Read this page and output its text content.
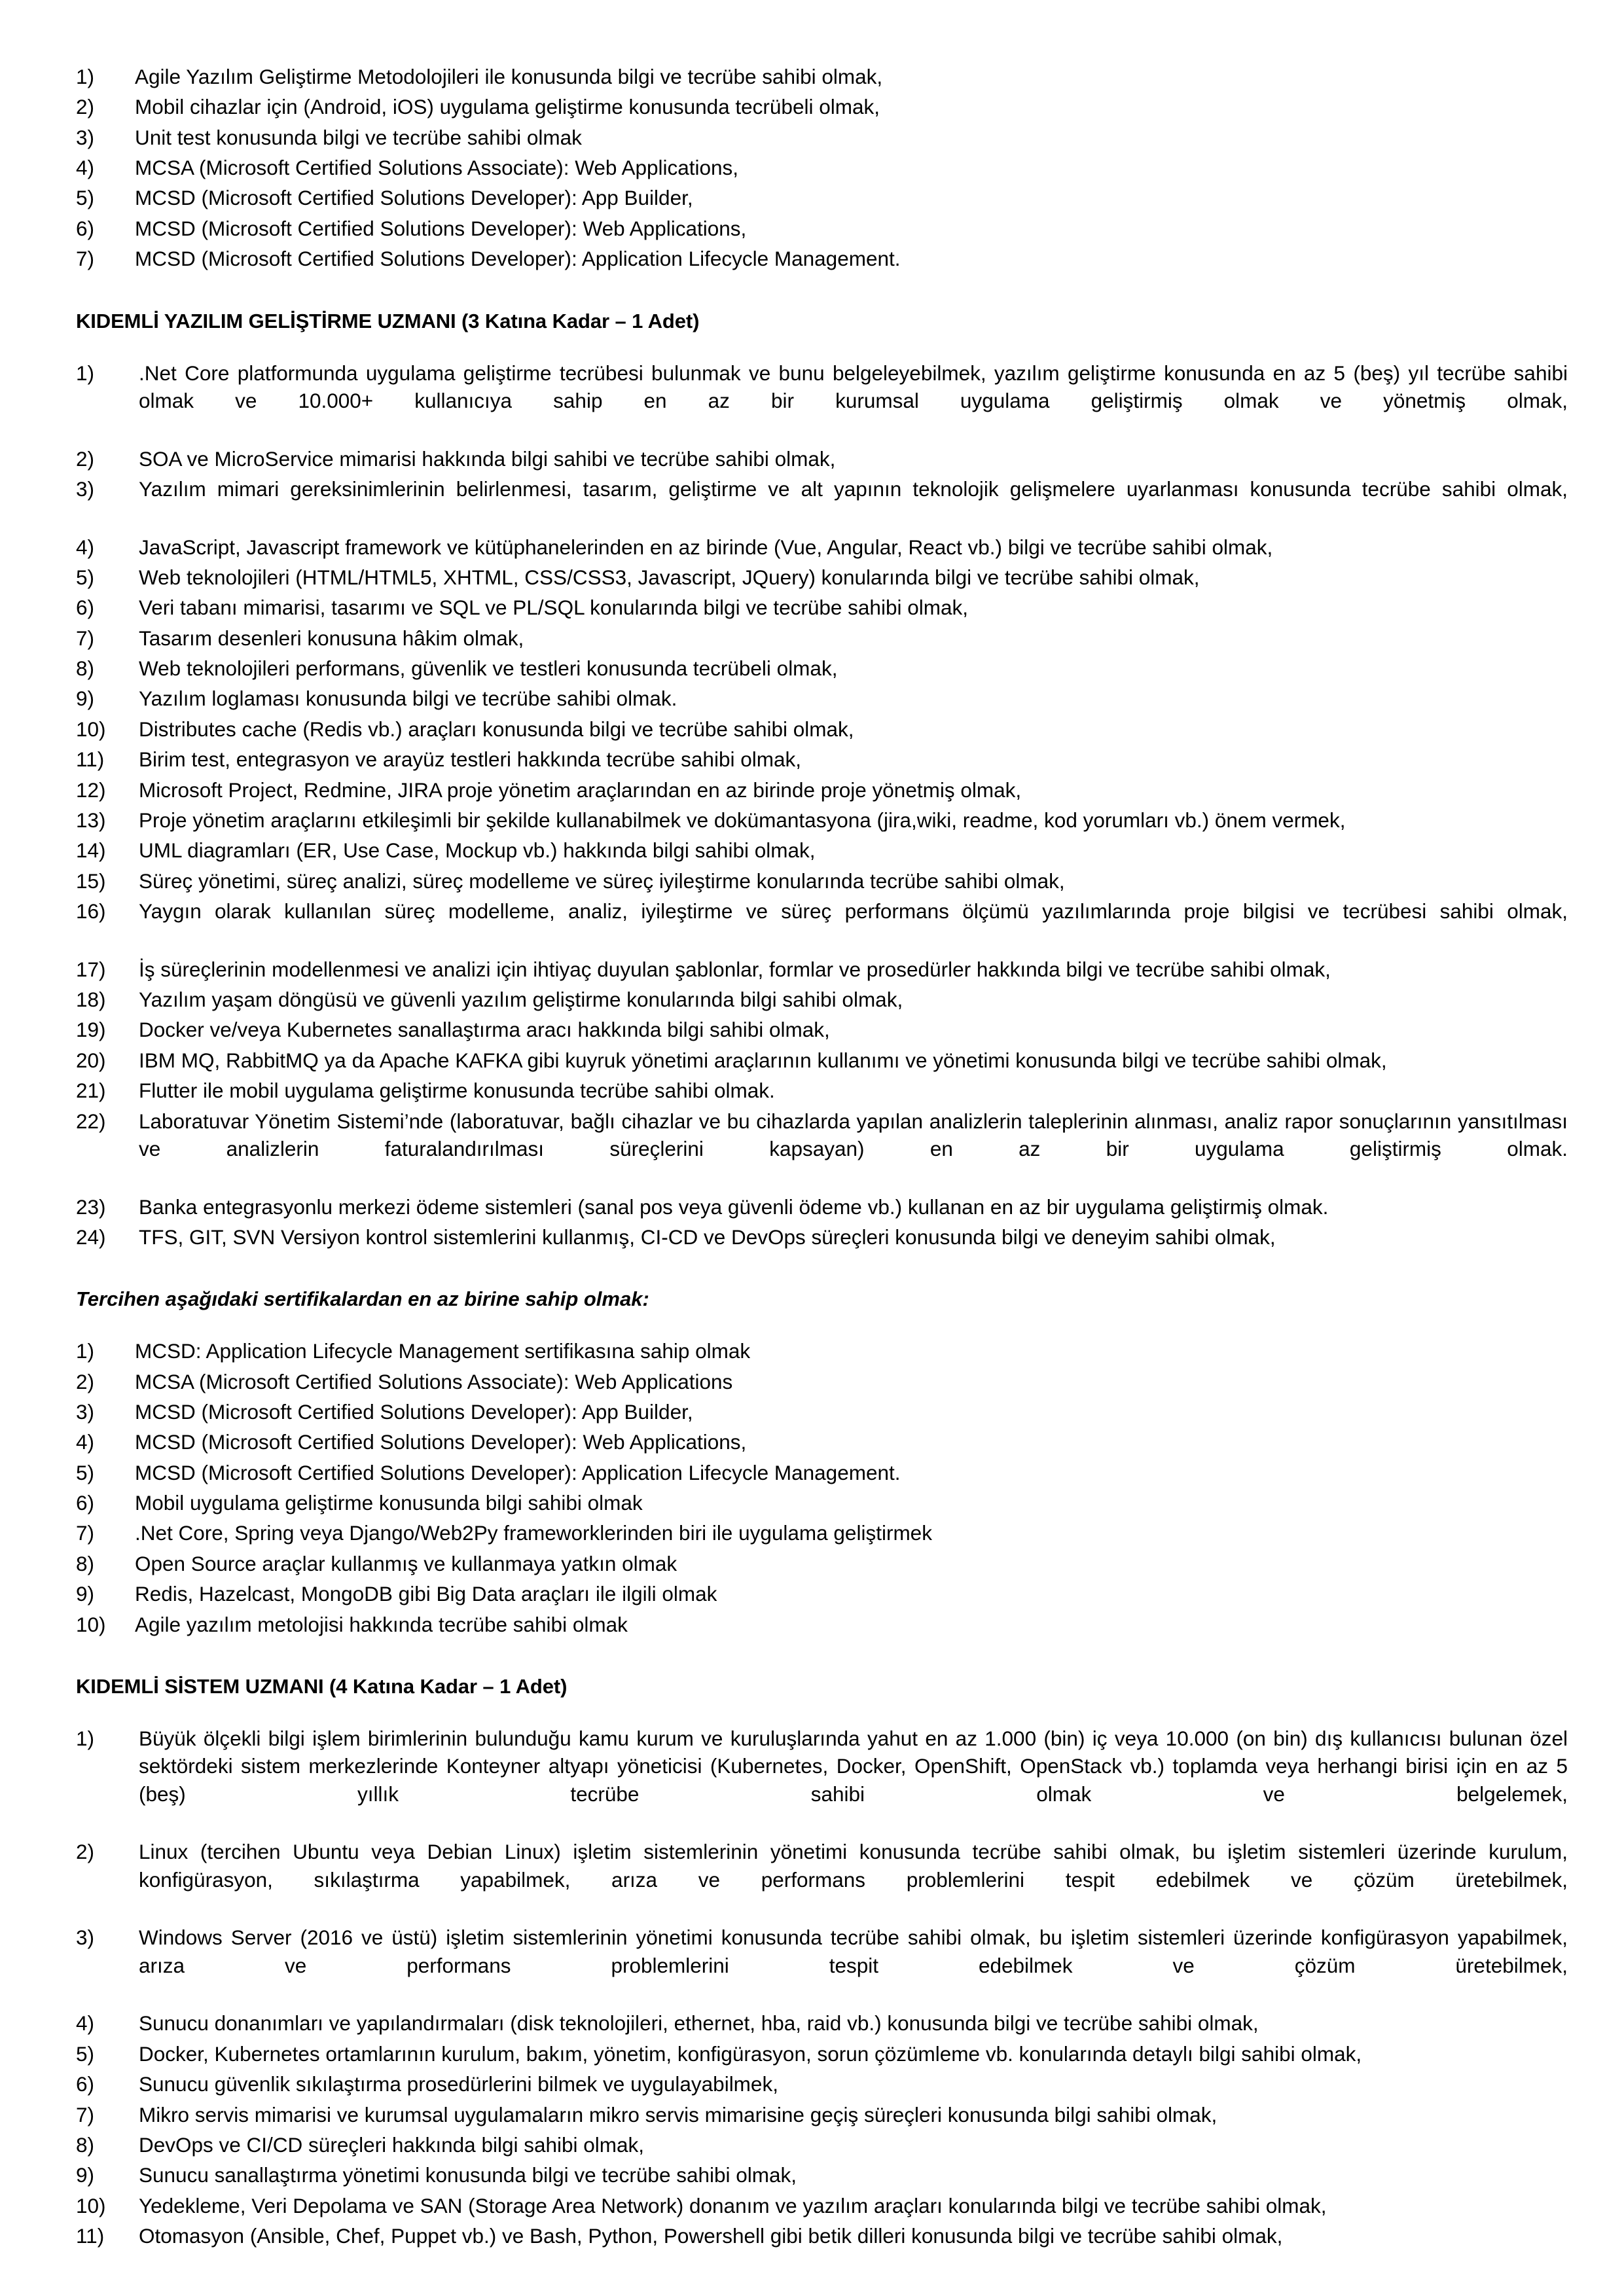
1)	Agile Yazılım Geliştirme Metodolojileri ile konusunda bilgi ve tecrübe sahibi olmak,
2)	Mobil cihazlar için (Android, iOS) uygulama geliştirme konusunda tecrübeli olmak,
3)	Unit test konusunda bilgi ve tecrübe sahibi olmak
4)	MCSA (Microsoft Certified Solutions Associate): Web Applications,
5)	MCSD (Microsoft Certified Solutions Developer): App Builder,
6)	MCSD (Microsoft Certified Solutions Developer): Web Applications,
7)	MCSD (Microsoft Certified Solutions Developer): Application Lifecycle Management.
KIDEMLİ YAZILIM GELİŞTİRME UZMANI (3 Katına Kadar – 1 Adet)
1)	.Net Core platformunda uygulama geliştirme tecrübesi bulunmak ve bunu belgeleyebilmek, yazılım geliştirme konusunda en az 5 (beş) yıl tecrübe sahibi olmak ve 10.000+ kullanıcıya sahip en az bir kurumsal uygulama geliştirmiş olmak ve yönetmiş olmak,
2)	SOA ve MicroService mimarisi hakkında bilgi sahibi ve tecrübe sahibi olmak,
3)	Yazılım mimari gereksinimlerinin belirlenmesi, tasarım, geliştirme ve alt yapının teknolojik gelişmelere uyarlanması konusunda tecrübe sahibi olmak,
4)	JavaScript, Javascript framework ve kütüphanelerinden en az birinde (Vue, Angular, React vb.) bilgi ve tecrübe sahibi olmak,
5)	Web teknolojileri (HTML/HTML5, XHTML, CSS/CSS3, Javascript, JQuery) konularında bilgi ve tecrübe sahibi olmak,
6)	Veri tabanı mimarisi, tasarımı ve SQL ve PL/SQL konularında bilgi ve tecrübe sahibi olmak,
7)	Tasarım desenleri konusuna hâkim olmak,
8)	Web teknolojileri performans, güvenlik ve testleri konusunda tecrübeli olmak,
9)	Yazılım loglaması konusunda bilgi ve tecrübe sahibi olmak.
10)	Distributes cache (Redis vb.) araçları konusunda bilgi ve tecrübe sahibi olmak,
11)	Birim test, entegrasyon ve arayüz testleri hakkında tecrübe sahibi olmak,
12)	Microsoft Project, Redmine, JIRA proje yönetim araçlarından en az birinde proje yönetmiş olmak,
13)	Proje yönetim araçlarını etkileşimli bir şekilde kullanabilmek ve dokümantasyona (jira,wiki, readme, kod yorumları vb.) önem vermek,
14)	UML diagramları (ER, Use Case, Mockup vb.) hakkında bilgi sahibi olmak,
15)	Süreç yönetimi, süreç analizi, süreç modelleme ve süreç iyileştirme konularında tecrübe sahibi olmak,
16)	Yaygın olarak kullanılan süreç modelleme, analiz, iyileştirme ve süreç performans ölçümü yazılımlarında proje bilgisi ve tecrübesi sahibi olmak,
17)	İş süreçlerinin modellenmesi ve analizi için ihtiyaç duyulan şablonlar, formlar ve prosedürler hakkında bilgi ve tecrübe sahibi olmak,
18)	Yazılım yaşam döngüsü ve güvenli yazılım geliştirme konularında bilgi sahibi olmak,
19)	Docker ve/veya Kubernetes sanallaştırma aracı hakkında bilgi sahibi olmak,
20)	IBM MQ, RabbitMQ ya da Apache KAFKA gibi kuyruk yönetimi araçlarının kullanımı ve yönetimi konusunda bilgi ve tecrübe sahibi olmak,
21)	Flutter ile mobil uygulama geliştirme konusunda tecrübe sahibi olmak.
22)	Laboratuvar Yönetim Sistemi’nde (laboratuvar, bağlı cihazlar ve bu cihazlarda yapılan analizlerin taleplerinin alınması, analiz rapor sonuçlarının yansıtılması ve analizlerin faturalandırılması süreçlerini kapsayan) en az bir uygulama geliştirmiş olmak.
23)	Banka entegrasyonlu merkezi ödeme sistemleri (sanal pos veya güvenli ödeme vb.) kullanan en az bir uygulama geliştirmiş olmak.
24)	TFS, GIT, SVN Versiyon kontrol sistemlerini kullanmış, CI-CD ve DevOps süreçleri konusunda bilgi ve deneyim sahibi olmak,

Tercihen aşağıdaki sertifikalardan en az birine sahip olmak:

1)	MCSD: Application Lifecycle Management sertifikasına sahip olmak
2)	MCSA (Microsoft Certified Solutions Associate): Web Applications
3)	MCSD (Microsoft Certified Solutions Developer): App Builder,
4)	MCSD (Microsoft Certified Solutions Developer): Web Applications,
5)	MCSD (Microsoft Certified Solutions Developer): Application Lifecycle Management.
6)	Mobil uygulama geliştirme konusunda bilgi sahibi olmak
7)	.Net Core, Spring veya Django/Web2Py frameworklerinden biri ile uygulama geliştirmek
8)	Open Source araçlar kullanmış ve kullanmaya yatkın olmak
9)	Redis, Hazelcast, MongoDB gibi Big Data araçları ile ilgili olmak
10)	Agile yazılım metolojisi hakkında tecrübe sahibi olmak
KIDEMLİ SİSTEM UZMANI (4 Katına Kadar – 1 Adet)
1)	Büyük ölçekli bilgi işlem birimlerinin bulunduğu kamu kurum ve kuruluşlarında yahut en az 1.000 (bin) iç veya 10.000 (on bin) dış kullanıcısı bulunan özel sektördeki sistem merkezlerinde Konteyner altyapı yöneticisi (Kubernetes, Docker, OpenShift, OpenStack vb.) toplamda veya herhangi birisi için en az 5 (beş) yıllık tecrübe sahibi olmak ve belgelemek,
2)	Linux (tercihen Ubuntu veya Debian Linux) işletim sistemlerinin yönetimi konusunda tecrübe sahibi olmak, bu işletim sistemleri üzerinde kurulum, konfigürasyon, sıkılaştırma yapabilmek, arıza ve performans problemlerini tespit edebilmek ve çözüm üretebilmek,
3)	Windows Server (2016 ve üstü) işletim sistemlerinin yönetimi konusunda tecrübe sahibi olmak, bu işletim sistemleri üzerinde konfigürasyon yapabilmek, arıza ve performans problemlerini tespit edebilmek ve çözüm üretebilmek,
4)	Sunucu donanımları ve yapılandırmaları (disk teknolojileri, ethernet, hba, raid vb.) konusunda bilgi ve tecrübe sahibi olmak,
5)	Docker, Kubernetes ortamlarının kurulum, bakım, yönetim, konfigürasyon, sorun çözümleme vb. konularında detaylı bilgi sahibi olmak,
6)	Sunucu güvenlik sıkılaştırma prosedürlerini bilmek ve uygulayabilmek,
7)	Mikro servis mimarisi ve kurumsal uygulamaların mikro servis mimarisine geçiş süreçleri konusunda bilgi sahibi olmak,
8)	DevOps ve CI/CD süreçleri hakkında bilgi sahibi olmak,
9)	Sunucu sanallaştırma yönetimi konusunda bilgi ve tecrübe sahibi olmak,
10)	Yedekleme, Veri Depolama ve SAN (Storage Area Network) donanım ve yazılım araçları konularında bilgi ve tecrübe sahibi olmak,
11)	Otomasyon (Ansible, Chef, Puppet vb.) ve Bash, Python, Powershell gibi betik dilleri konusunda bilgi ve tecrübe sahibi olmak,
